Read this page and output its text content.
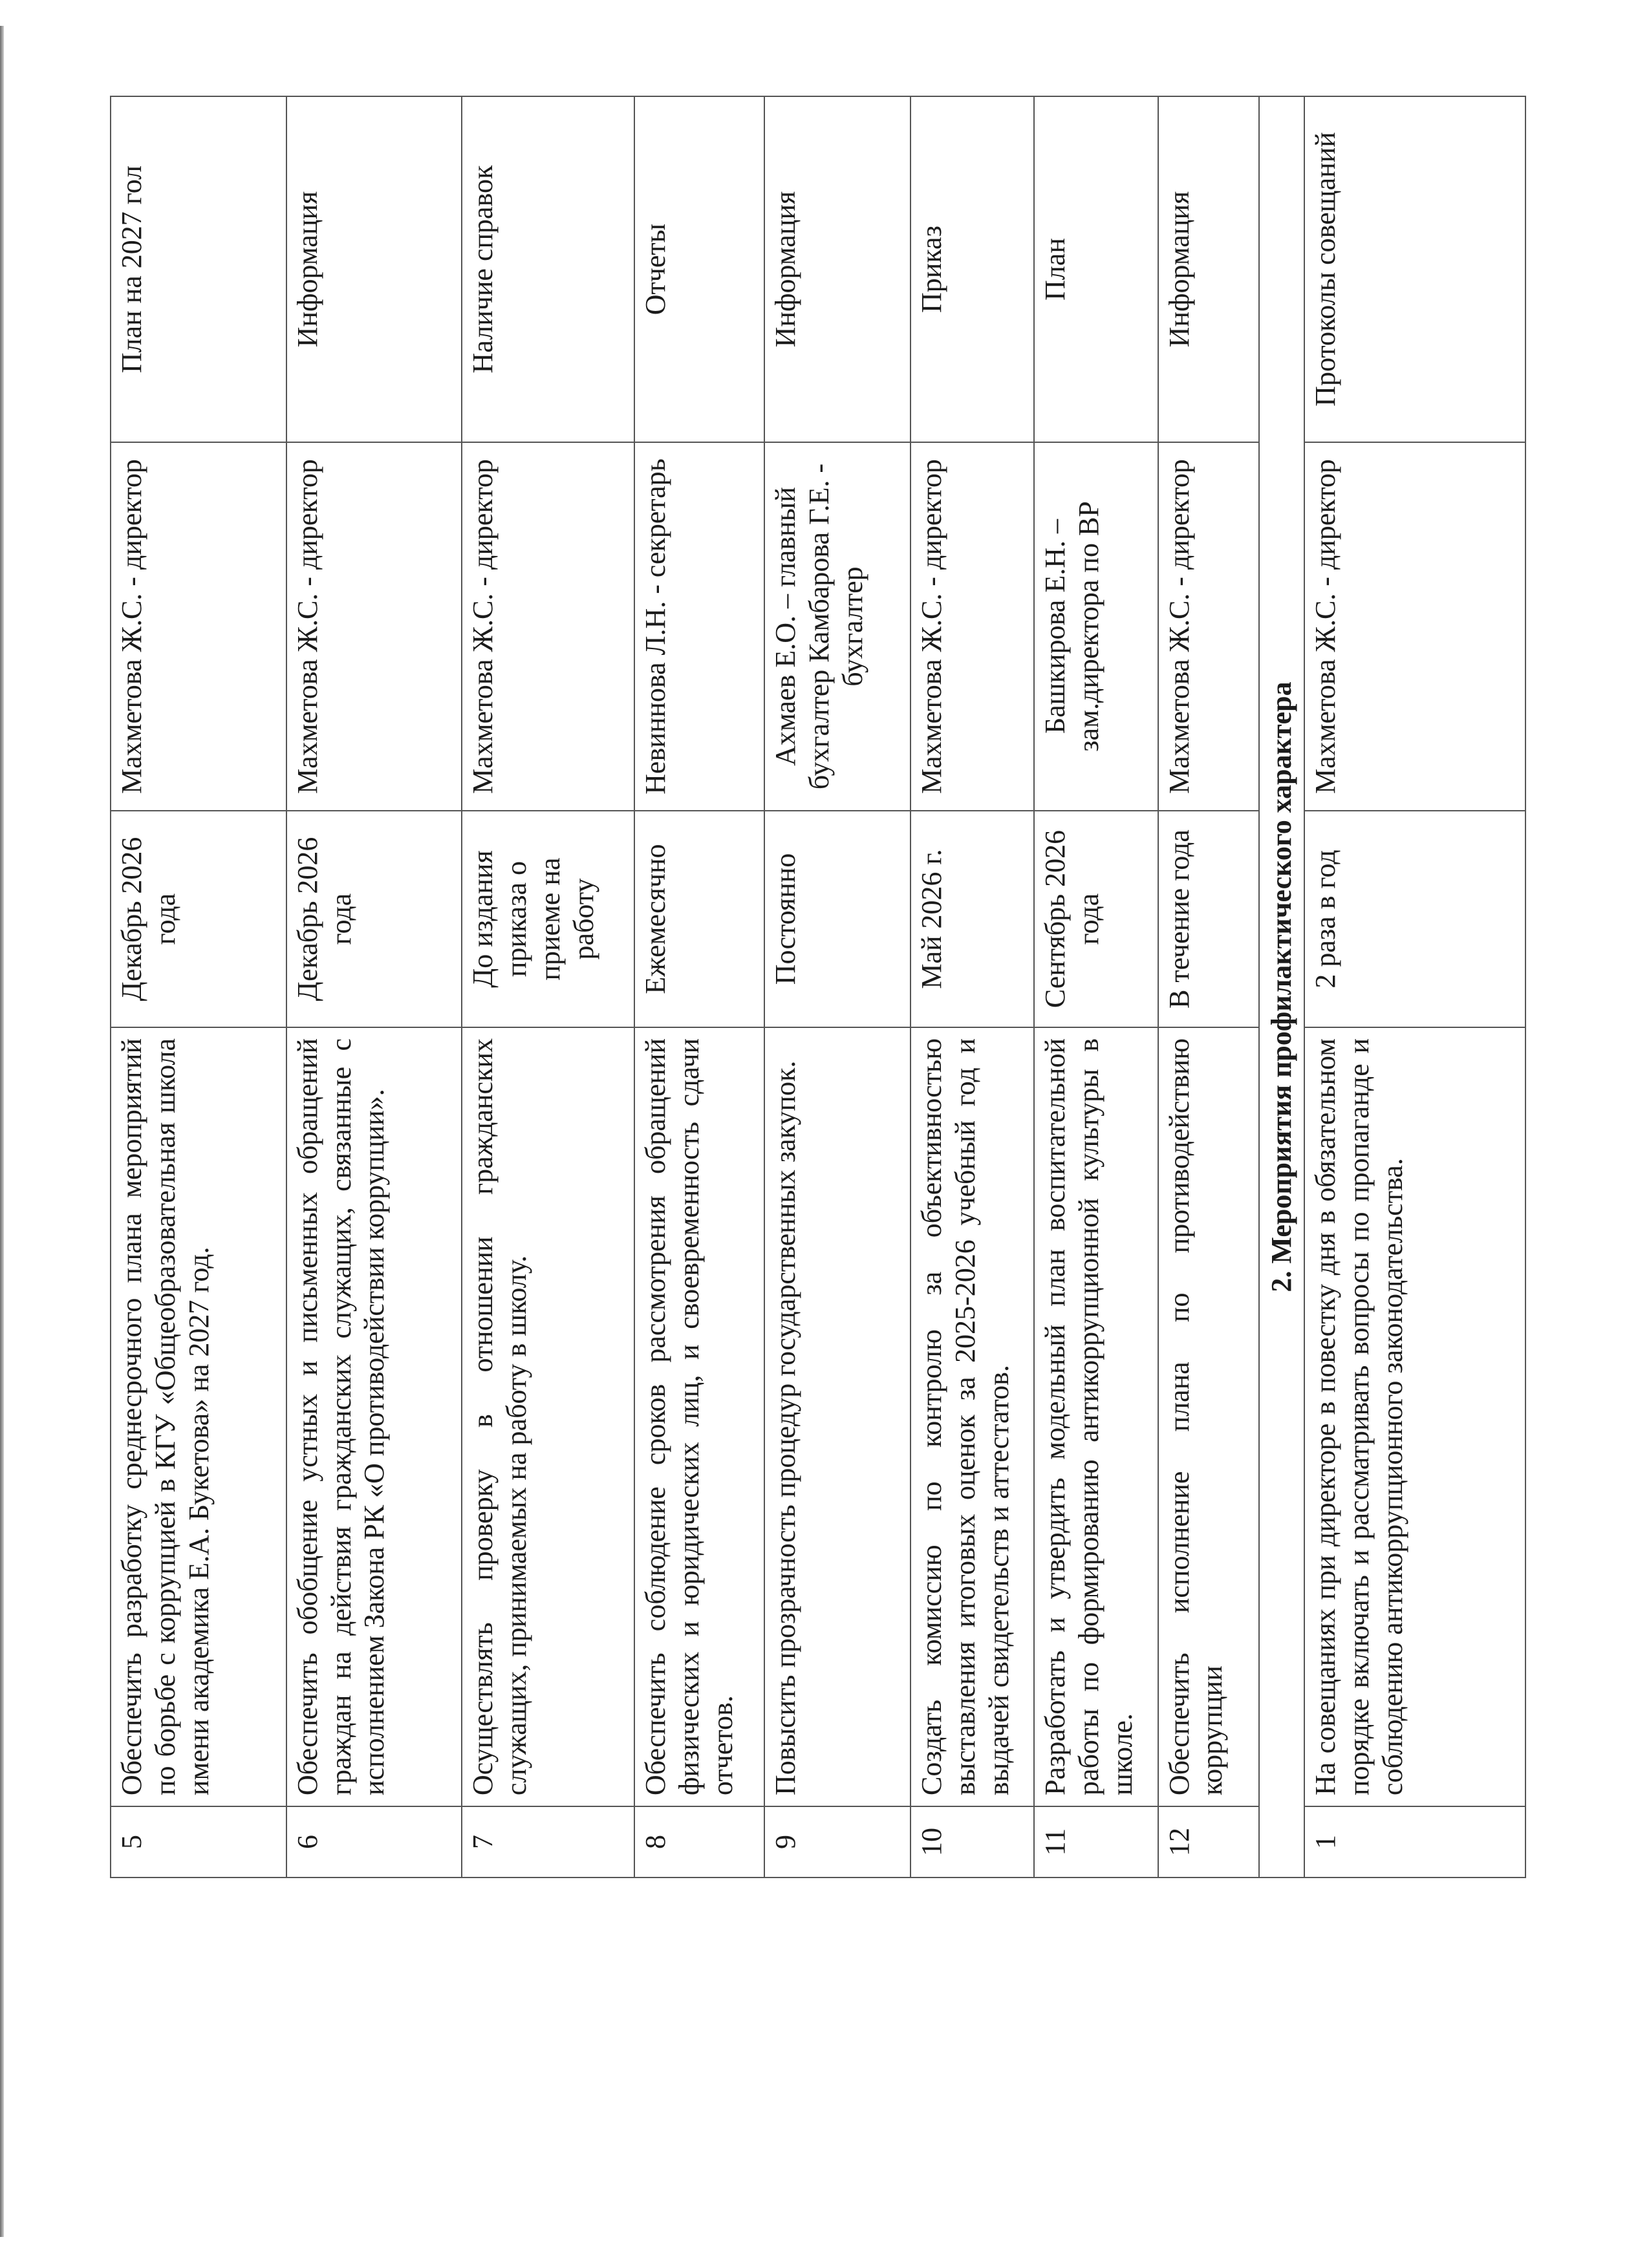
5	Обеспечить разработку среднесрочного плана мероприятий по борьбе с коррупцией в КГУ «Общеобразовательная школа имени академика Е.А. Букетова» на 2027 год.	Декабрь 2026 года	Махметова Ж.С. - директор	План на 2027 гол
6	Обеспечить обобщение устных и письменных обращений граждан на действия гражданских служащих, связанные с исполнением Закона РК «О противодействии коррупции».	Декабрь 2026 года	Махметова Ж.С. - директор	Информация
7	Осуществлять проверку в отношении гражданских служащих, принимаемых на работу в школу.	До издания приказа о приеме на работу	Махметова Ж.С. - директор	Наличие справок
8	Обеспечить соблюдение сроков рассмотрения обращений физических и юридических лиц, и своевременность сдачи отчетов.	Ежемесячно	Невиннова Л.Н. - секретарь	Отчеты
9	Повысить прозрачность процедур государственных закупок.	Постоянно	Ахмаев Е.О. – главный бухгалтер Камбарова Г.Е. - бухгалтер	Информация
10	Создать комиссию по контролю за объективностью выставления итоговых оценок за 2025-2026 учебный год и выдачей свидетельств и аттестатов.	Май 2026 г.	Махметова Ж.С. - директор	Приказ
11	Разработать и утвердить модельный план воспитательной работы по формированию антикоррупционной культуры в школе.	Сентябрь 2026 года	Башкирова Е.Н. – зам.директора по ВР	План
12	Обеспечить исполнение плана по противодействию коррупции	В течение года	Махметова Ж.С. - директор	Информация
2. Мероприятия профилактического характера				
1	На совещаниях при директоре в повестку дня в обязательном порядке включать и рассматривать вопросы по пропаганде и соблюдению антикоррупционного законодательства.	2 раза в год	Махметова Ж.С. - директор	Протоколы совещаний
